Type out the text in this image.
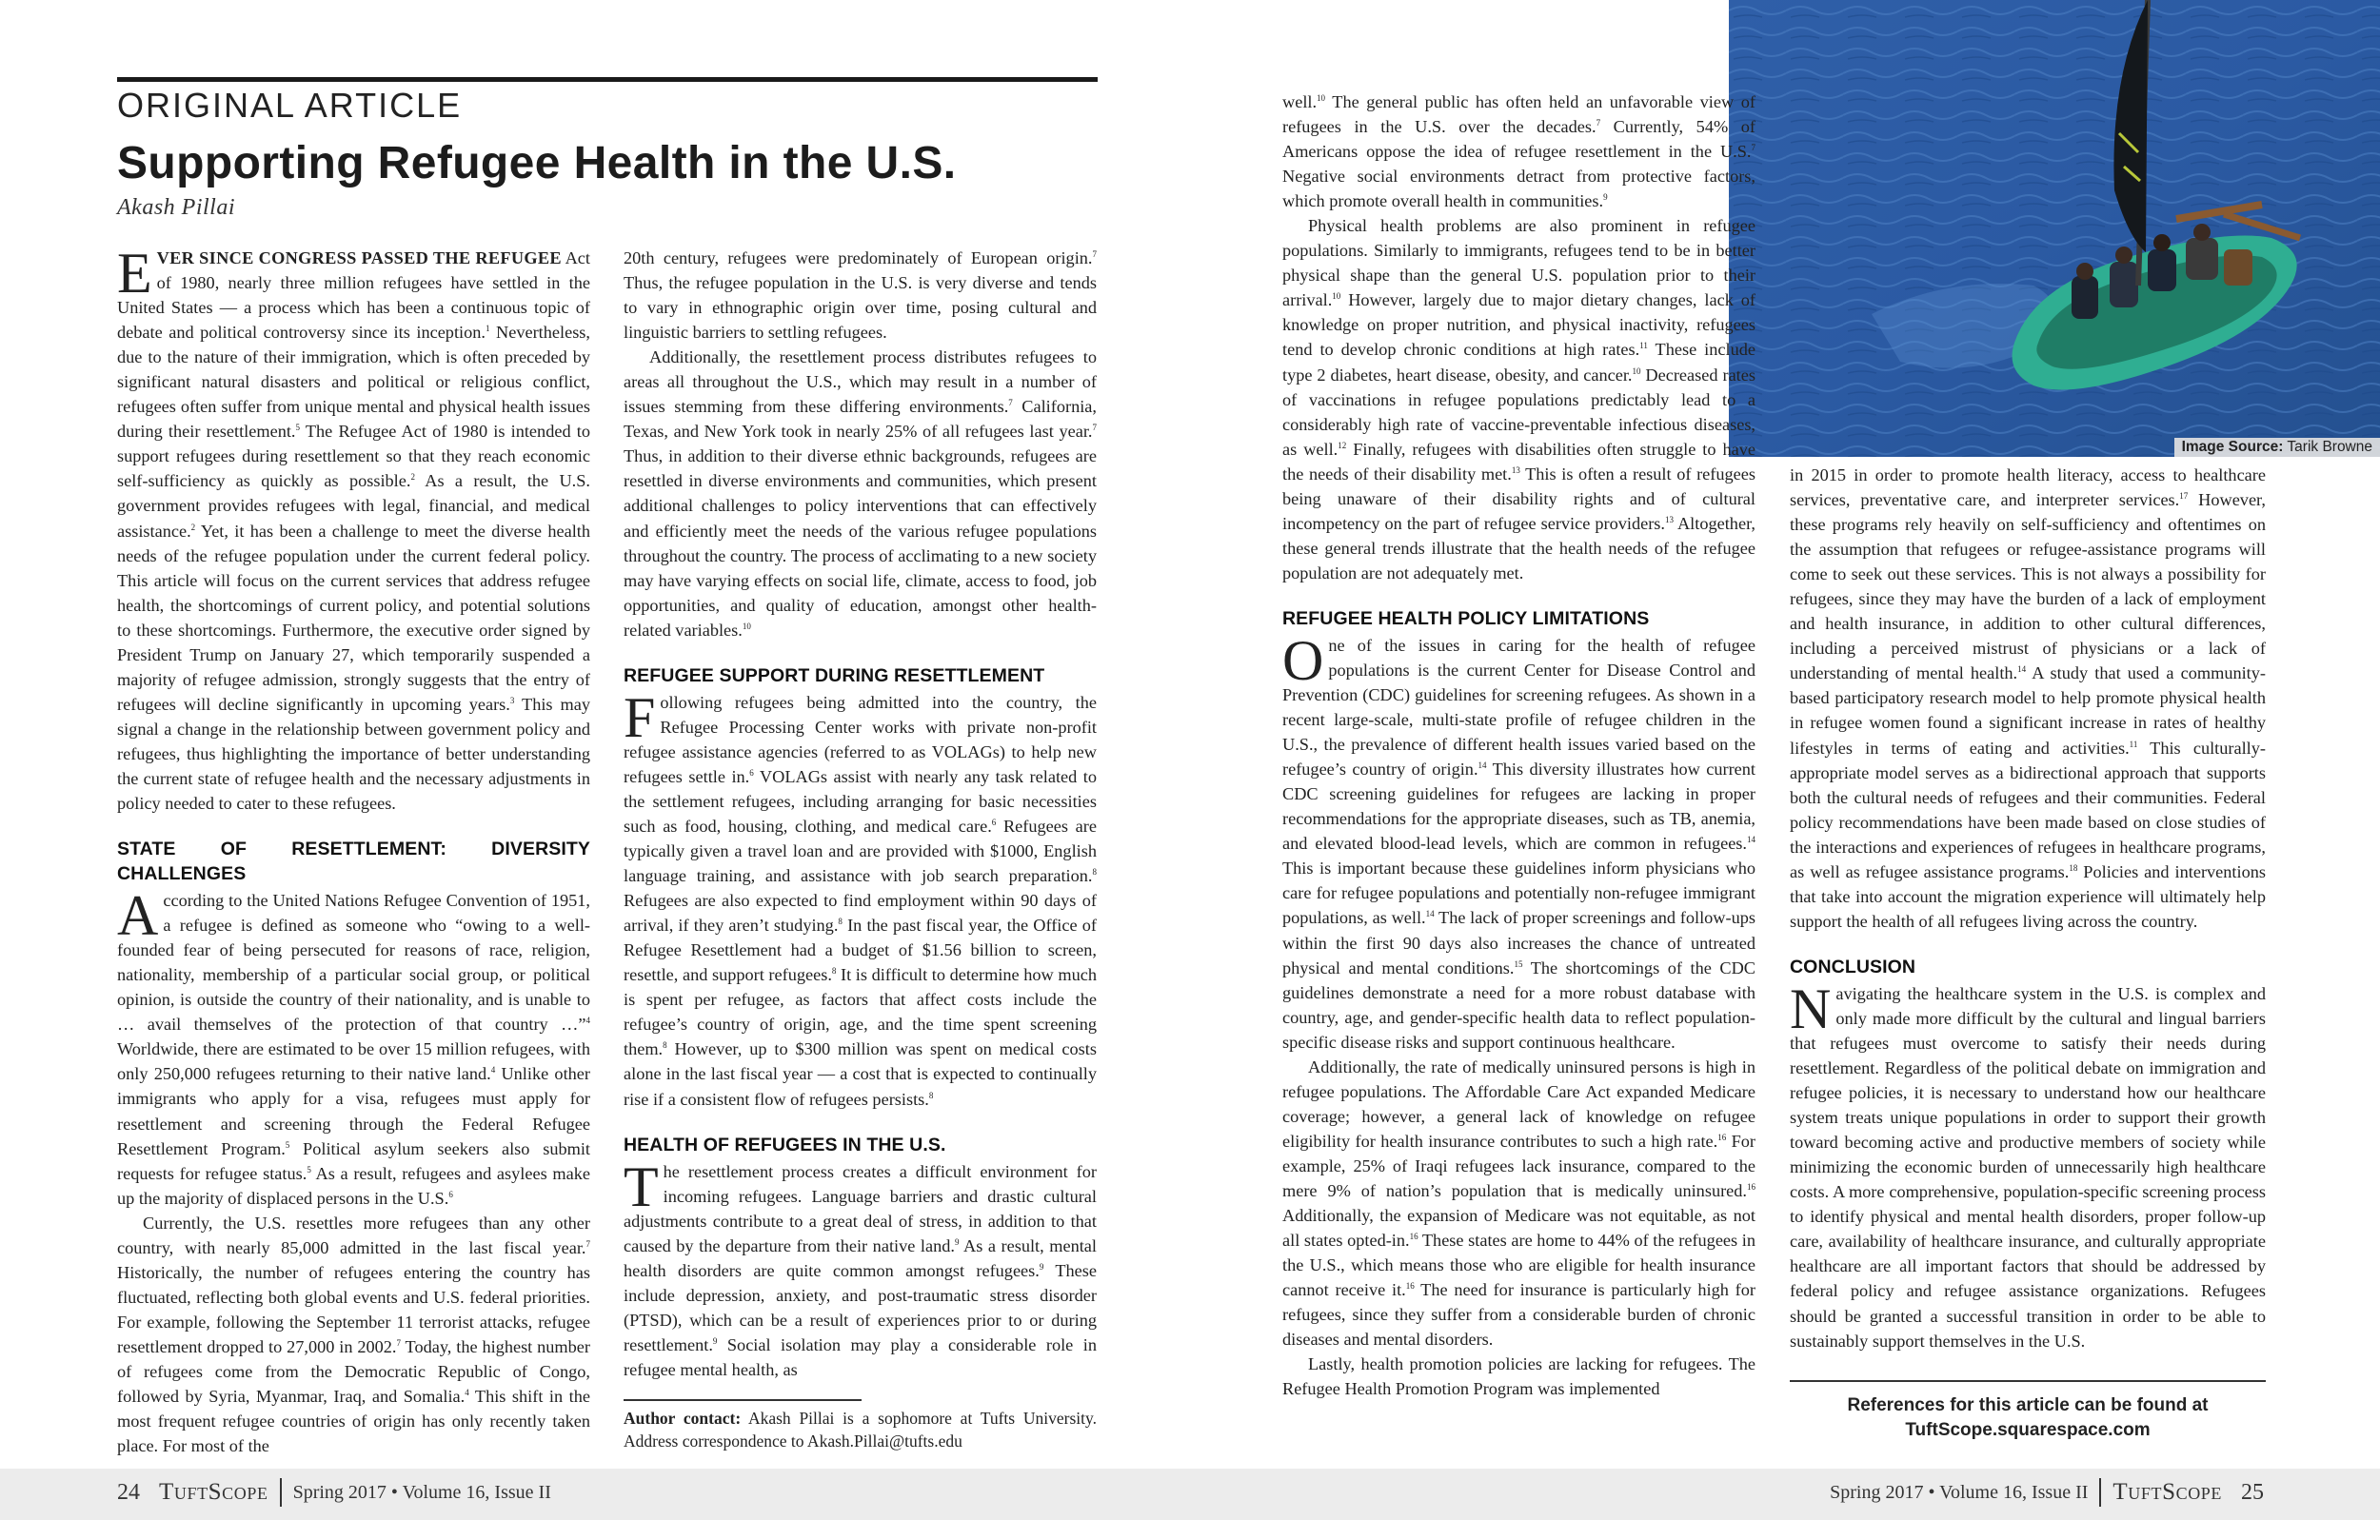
ORIGINAL ARTICLE
Supporting Refugee Health in the U.S.
Akash Pillai
Image Source: Tarik Browne

EVER SINCE CONGRESS PASSED THE REFUGEE Act of 1980, nearly three million refugees have settled in the United States — a process which has been a continuous topic of debate and political controversy since its inception.$^1$ Nevertheless, due to the nature of their immigration, which is often preceded by significant natural disasters and political or religious conflict, refugees often suffer from unique mental and physical health issues during their resettlement.$^5$ The Refugee Act of 1980 is intended to support refugees during resettlement so that they reach economic self-sufficiency as quickly as possible.$^2$ As a result, the U.S. government provides refugees with legal, financial, and medical assistance.$^2$ Yet, it has been a challenge to meet the diverse health needs of the refugee population under the current federal policy. This article will focus on the current services that address refugee health, the shortcomings of current policy, and potential solutions to these shortcomings. Furthermore, the executive order signed by President Trump on January 27, which temporarily suspended a majority of refugee admission, strongly suggests that the entry of refugees will decline significantly in upcoming years.$^3$ This may signal a change in the relationship between government policy and refugees, thus highlighting the importance of better understanding the current state of refugee health and the necessary adjustments in policy needed to cater to these refugees.

STATE OF RESETTLEMENT: DIVERSITY CHALLENGES

According to the United Nations Refugee Convention of 1951, a refugee is defined as someone who “owing to a well-founded fear of being persecuted for reasons of race, religion, nationality, membership of a particular social group, or political opinion, is outside the country of their nationality, and is unable to … avail themselves of the protection of that country …”$^4$ Worldwide, there are estimated to be over 15 million refugees, with only 250,000 refugees returning to their native land.$^4$ Unlike other immigrants who apply for a visa, refugees must apply for resettlement and screening through the Federal Refugee Resettlement Program.$^5$ Political asylum seekers also submit requests for refugee status.$^5$ As a result, refugees and asylees make up the majority of displaced persons in the U.S.$^6$

Currently, the U.S. resettles more refugees than any other country, with nearly 85,000 admitted in the last fiscal year.$^7$ Historically, the number of refugees entering the country has fluctuated, reflecting both global events and U.S. federal priorities. For example, following the September 11 terrorist attacks, refugee resettlement dropped to 27,000 in 2002.$^7$ Today, the highest number of refugees come from the Democratic Republic of Congo, followed by Syria, Myanmar, Iraq, and Somalia.$^4$ This shift in the most frequent refugee countries of origin has only recently taken place. For most of the

20th century, refugees were predominately of European origin.$^7$ Thus, the refugee population in the U.S. is very diverse and tends to vary in ethnographic origin over time, posing cultural and linguistic barriers to settling refugees.

Additionally, the resettlement process distributes refugees to areas all throughout the U.S., which may result in a number of issues stemming from these differing environments.$^7$ California, Texas, and New York took in nearly 25% of all refugees last year.$^7$ Thus, in addition to their diverse ethnic backgrounds, refugees are resettled in diverse environments and communities, which present additional challenges to policy interventions that can effectively and efficiently meet the needs of the various refugee populations throughout the country. The process of acclimating to a new society may have varying effects on social life, climate, access to food, job opportunities, and quality of education, amongst other health-related variables.$^{10}$

REFUGEE SUPPORT DURING RESETTLEMENT

Following refugees being admitted into the country, the Refugee Processing Center works with private non-profit refugee assistance agencies (referred to as VOLAGs) to help new refugees settle in.$^6$ VOLAGs assist with nearly any task related to the settlement refugees, including arranging for basic necessities such as food, housing, clothing, and medical care.$^6$ Refugees are typically given a travel loan and are provided with $1000, English language training, and assistance with job search preparation.$^8$ Refugees are also expected to find employment within 90 days of arrival, if they aren’t studying.$^8$ In the past fiscal year, the Office of Refugee Resettlement had a budget of $1.56 billion to screen, resettle, and support refugees.$^8$ It is difficult to determine how much is spent per refugee, as factors that affect costs include the refugee’s country of origin, age, and the time spent screening them.$^8$ However, up to $300 million was spent on medical costs alone in the last fiscal year — a cost that is expected to continually rise if a consistent flow of refugees persists.$^8$

HEALTH OF REFUGEES IN THE U.S.

The resettlement process creates a difficult environment for incoming refugees. Language barriers and drastic cultural adjustments contribute to a great deal of stress, in addition to that caused by the departure from their native land.$^9$ As a result, mental health disorders are quite common amongst refugees.$^9$ These include depression, anxiety, and post-traumatic stress disorder (PTSD), which can be a result of experiences prior to or during resettlement.$^9$ Social isolation may play a considerable role in refugee mental health, as

Author contact: Akash Pillai is a sophomore at Tufts University. Address correspondence to Akash.Pillai@tufts.edu

well.$^{10}$ The general public has often held an unfavorable view of refugees in the U.S. over the decades.$^7$ Currently, 54% of Americans oppose the idea of refugee resettlement in the U.S.$^7$ Negative social environments detract from protective factors, which promote overall health in communities.$^9$

Physical health problems are also prominent in refugee populations. Similarly to immigrants, refugees tend to be in better physical shape than the general U.S. population prior to their arrival.$^{10}$ However, largely due to major dietary changes, lack of knowledge on proper nutrition, and physical inactivity, refugees tend to develop chronic conditions at high rates.$^{11}$ These include type 2 diabetes, heart disease, obesity, and cancer.$^{10}$ Decreased rates of vaccinations in refugee populations predictably lead to a considerably high rate of vaccine-preventable infectious diseases, as well.$^{12}$ Finally, refugees with disabilities often struggle to have the needs of their disability met.$^{13}$ This is often a result of refugees being unaware of their disability rights and of cultural incompetency on the part of refugee service providers.$^{13}$ Altogether, these general trends illustrate that the health needs of the refugee population are not adequately met.

REFUGEE HEALTH POLICY LIMITATIONS

One of the issues in caring for the health of refugee populations is the current Center for Disease Control and Prevention (CDC) guidelines for screening refugees. As shown in a recent large-scale, multi-state profile of refugee children in the U.S., the prevalence of different health issues varied based on the refugee’s country of origin.$^{14}$ This diversity illustrates how current CDC screening guidelines for refugees are lacking in proper recommendations for the appropriate diseases, such as TB, anemia, and elevated blood-lead levels, which are common in refugees.$^{14}$ This is important because these guidelines inform physicians who care for refugee populations and potentially non-refugee immigrant populations, as well.$^{14}$ The lack of proper screenings and follow-ups within the first 90 days also increases the chance of untreated physical and mental conditions.$^{15}$ The shortcomings of the CDC guidelines demonstrate a need for a more robust database with country, age, and gender-specific health data to reflect population-specific disease risks and support continuous healthcare.

Additionally, the rate of medically uninsured persons is high in refugee populations. The Affordable Care Act expanded Medicare coverage; however, a general lack of knowledge on refugee eligibility for health insurance contributes to such a high rate.$^{16}$ For example, 25% of Iraqi refugees lack insurance, compared to the mere 9% of nation’s population that is medically uninsured.$^{16}$ Additionally, the expansion of Medicare was not equitable, as not all states opted-in.$^{16}$ These states are home to 44% of the refugees in the U.S., which means those who are eligible for health insurance cannot receive it.$^{16}$ The need for insurance is particularly high for refugees, since they suffer from a considerable burden of chronic diseases and mental disorders.

Lastly, health promotion policies are lacking for refugees. The Refugee Health Promotion Program was implemented

in 2015 in order to promote health literacy, access to healthcare services, preventative care, and interpreter services.$^{17}$ However, these programs rely heavily on self-sufficiency and oftentimes on the assumption that refugees or refugee-assistance programs will come to seek out these services. This is not always a possibility for refugees, since they may have the burden of a lack of employment and health insurance, in addition to other cultural differences, including a perceived mistrust of physicians or a lack of understanding of mental health.$^{14}$ A study that used a community-based participatory research model to help promote physical health in refugee women found a significant increase in rates of healthy lifestyles in terms of eating and activities.$^{11}$ This culturally-appropriate model serves as a bidirectional approach that supports both the cultural needs of refugees and their communities. Federal policy recommendations have been made based on close studies of the interactions and experiences of refugees in healthcare programs, as well as refugee assistance programs.$^{18}$ Policies and interventions that take into account the migration experience will ultimately help support the health of all refugees living across the country.

CONCLUSION

Navigating the healthcare system in the U.S. is complex and only made more difficult by the cultural and lingual barriers that refugees must overcome to satisfy their needs during resettlement. Regardless of the political debate on immigration and refugee policies, it is necessary to understand how our healthcare system treats unique populations in order to support their growth toward becoming active and productive members of society while minimizing the economic burden of unnecessarily high healthcare costs. A more comprehensive, population-specific screening process to identify physical and mental health disorders, proper follow-up care, availability of healthcare insurance, and culturally appropriate healthcare are all important factors that should be addressed by federal policy and refugee assistance organizations. Refugees should be granted a successful transition in order to be able to sustainably support themselves in the U.S.

References for this article can be found at
TuftScope.squarespace.com
24 TuftScope Spring 2017 • Volume 16, Issue II	Spring 2017 • Volume 16, Issue II TuftScope 25
